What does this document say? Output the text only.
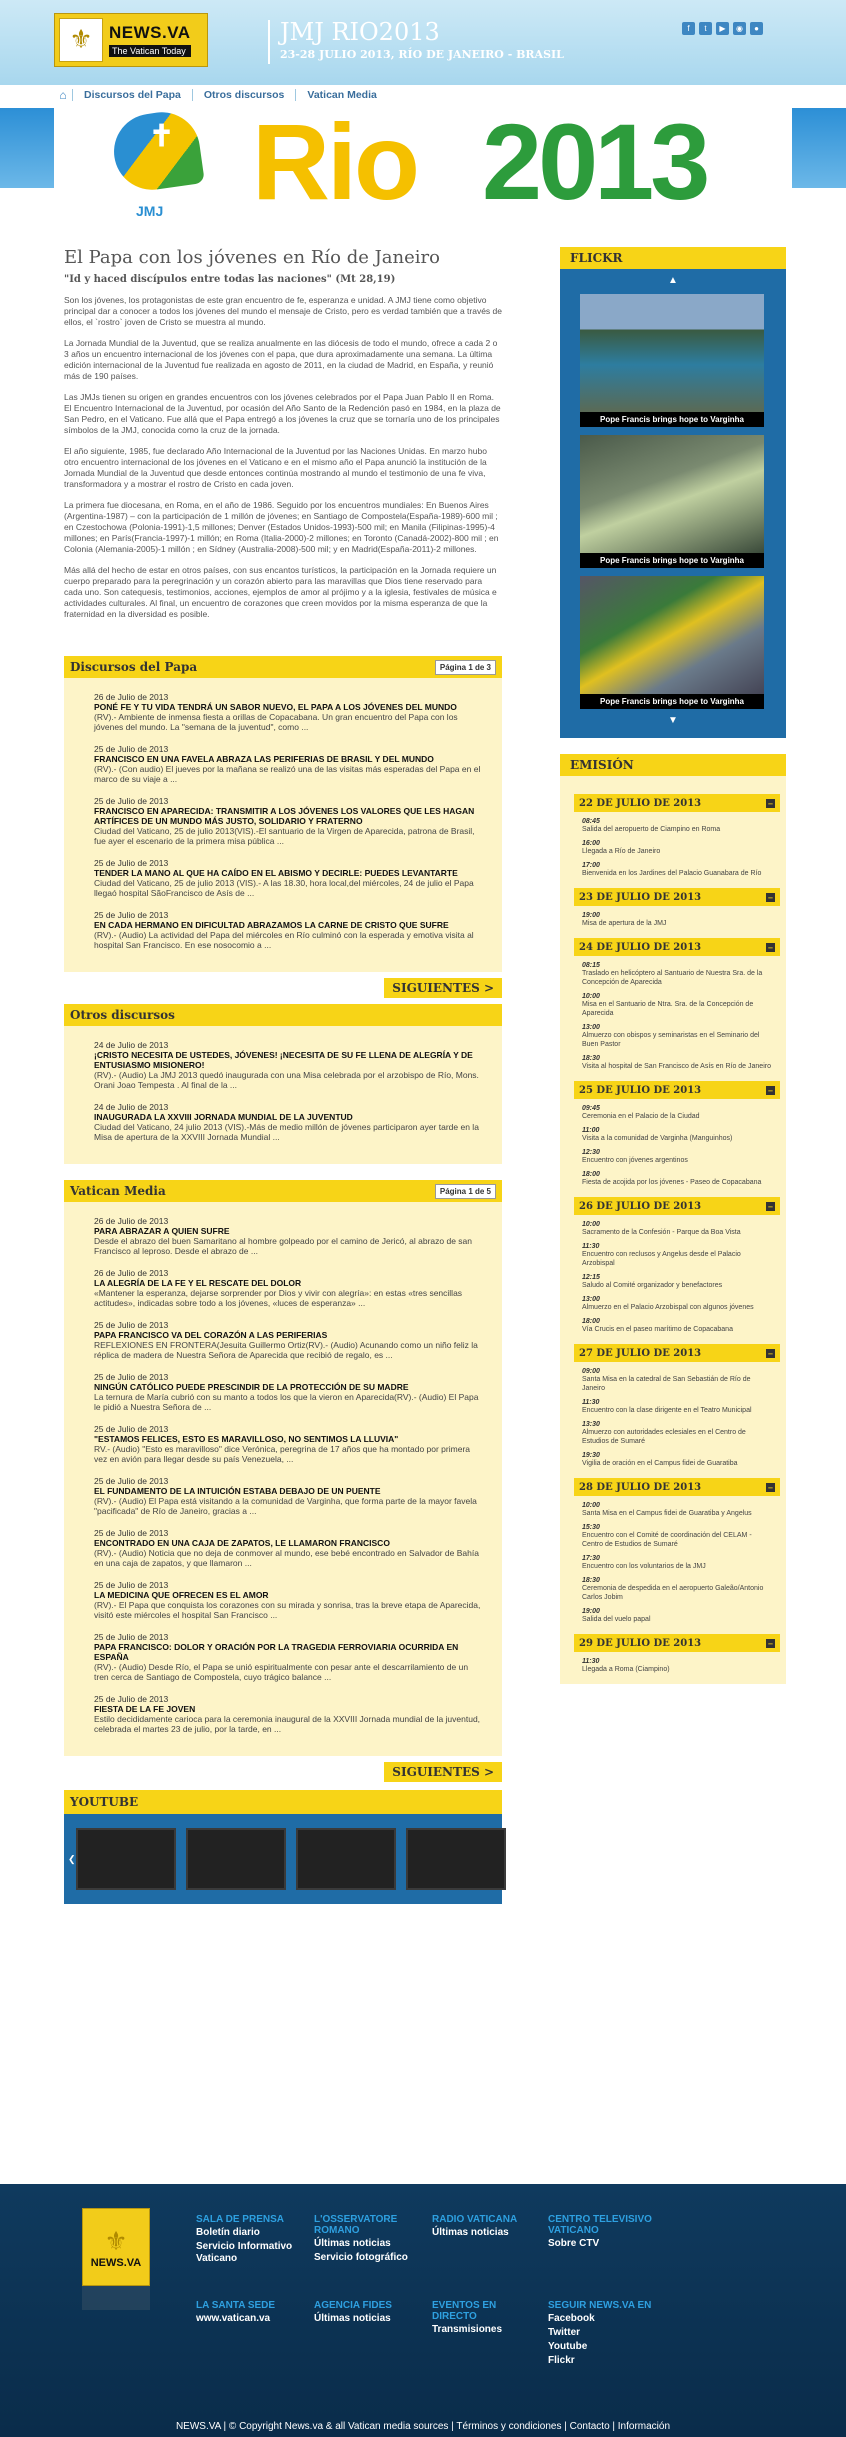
⚜ NEWS.VA
The Vatican Today
JMJ RIO2013
23-28 JULIO 2013, RÍO DE JANEIRO - BRASIL
f	t	▶	◉	●
⌂	Discursos del Papa	Otros discursos	Vatican Media
✝
JMJ Rio 2013
El Papa con los jóvenes en Río de Janeiro
"Id y haced discípulos entre todas las naciones" (Mt 28,19)
Son los jóvenes, los protagonistas de este gran encuentro de fe, esperanza e unidad. A JMJ tiene como objetivo principal dar a conocer a todos los jóvenes del mundo el mensaje de Cristo, pero es verdad también que a través de ellos, el `rostro` joven de Cristo se muestra al mundo.
La Jornada Mundial de la Juventud, que se realiza anualmente en las diócesis de todo el mundo, ofrece a cada 2 o 3 años un encuentro internacional de los jóvenes con el papa, que dura aproximadamente una semana. La última edición internacional de la Juventud fue realizada en agosto de 2011, en la ciudad de Madrid, en España, y reunió más de 190 países.
Las JMJs tienen su origen en grandes encuentros con los jóvenes celebrados por el Papa Juan Pablo II en Roma. El Encuentro Internacional de la Juventud, por ocasión del Año Santo de la Redención pasó en 1984, en la plaza de San Pedro, en el Vaticano. Fue allá que el Papa entregó a los jóvenes la cruz que se tornaría uno de los principales símbolos de la JMJ, conocida como la cruz de la jornada.
El año siguiente, 1985, fue declarado Año Internacional de la Juventud por las Naciones Unidas. En marzo hubo otro encuentro internacional de los jóvenes en el Vaticano e en el mismo año el Papa anunció la institución de la Jornada Mundial de la Juventud que desde entonces continúa mostrando al mundo el testimonio de una fe viva, transformadora y a mostrar el rostro de Cristo en cada joven.
La primera fue diocesana, en Roma, en el año de 1986. Seguido por los encuentros mundiales: En Buenos Aires (Argentina-1987) – con la participación de 1 millón de jóvenes; en Santiago de Compostela(España-1989)-600 mil ; en Czestochowa (Polonia-1991)-1,5 millones; Denver (Estados Unidos-1993)-500 mil; en Manila (Filipinas-1995)-4 millones; en París(Francia-1997)-1 millón; en Roma (Italia-2000)-2 millones; en Toronto (Canadá-2002)-800 mil ; en Colonia (Alemania-2005)-1 millón ; en Sídney (Australia-2008)-500 mil; y en Madrid(España-2011)-2 millones.
Más allá del hecho de estar en otros países, con sus encantos turísticos, la participación en la Jornada requiere un cuerpo preparado para la peregrinación y un corazón abierto para las maravillas que Dios tiene reservado para cada uno. Son catequesis, testimonios, acciones, ejemplos de amor al prójimo y a la iglesia, festivales de música e actividades culturales. Al final, un encuentro de corazones que creen movidos por la misma esperanza de que la fraternidad en la diversidad es posible.
Discursos del Papa	Página 1 de 3
26 de Julio de 2013
PONÉ FE Y TU VIDA TENDRÁ UN SABOR NUEVO, EL PAPA A LOS JÓVENES DEL MUNDO
(RV).- Ambiente de inmensa fiesta a orillas de Copacabana. Un gran encuentro del Papa con los jóvenes del mundo. La "semana de la juventud", como ...
25 de Julio de 2013
FRANCISCO EN UNA FAVELA ABRAZA LAS PERIFERIAS DE BRASIL Y DEL MUNDO
(RV).- (Con audio) El jueves por la mañana se realizó una de las visitas más esperadas del Papa en el marco de su viaje a ...
25 de Julio de 2013
FRANCISCO EN APARECIDA: TRANSMITIR A LOS JÓVENES LOS VALORES QUE LES HAGAN ARTÍFICES DE UN MUNDO MÁS JUSTO, SOLIDARIO Y FRATERNO
Ciudad del Vaticano, 25 de julio 2013(VIS).-El santuario de la Virgen de Aparecida, patrona de Brasil, fue ayer el escenario de la primera misa pública ...
25 de Julio de 2013
TENDER LA MANO AL QUE HA CAÍDO EN EL ABISMO Y DECIRLE: PUEDES LEVANTARTE
Ciudad del Vaticano, 25 de julio 2013 (VIS).- A las 18.30, hora local,del miércoles, 24 de julio el Papa llegaó hospital SãoFrancisco de Asís de ...
25 de Julio de 2013
EN CADA HERMANO EN DIFICULTAD ABRAZAMOS LA CARNE DE CRISTO QUE SUFRE
(RV).- (Audio) La actividad del Papa del miércoles en Río culminó con la esperada y emotiva visita al hospital San Francisco. En ese nosocomio a ...
SIGUIENTES >
Otros discursos
24 de Julio de 2013
¡CRISTO NECESITA DE USTEDES, JÓVENES! ¡NECESITA DE SU FE LLENA DE ALEGRÍA Y DE ENTUSIASMO MISIONERO!
(RV).- (Audio) La JMJ 2013 quedó inaugurada con una Misa celebrada por el arzobispo de Río, Mons. Orani Joao Tempesta . Al final de la ...
24 de Julio de 2013
INAUGURADA LA XXVIII JORNADA MUNDIAL DE LA JUVENTUD
Ciudad del Vaticano, 24 julio 2013 (VIS).-Más de medio millón de jóvenes participaron ayer tarde en la Misa de apertura de la XXVIII Jornada Mundial ...
Vatican Media	Página 1 de 5
26 de Julio de 2013
PARA ABRAZAR A QUIEN SUFRE
Desde el abrazo del buen Samaritano al hombre golpeado por el camino de Jericó, al abrazo de san Francisco al leproso. Desde el abrazo de ...
26 de Julio de 2013
LA ALEGRÍA DE LA FE Y EL RESCATE DEL DOLOR
«Mantener la esperanza, dejarse sorprender por Dios y vivir con alegría»: en estas «tres sencillas actitudes», indicadas sobre todo a los jóvenes, «luces de esperanza» ...
25 de Julio de 2013
PAPA FRANCISCO VA DEL CORAZÓN A LAS PERIFERIAS
REFLEXIONES EN FRONTERA(Jesuita Guillermo Ortiz(RV).- (Audio) Acunando como un niño feliz la réplica de madera de Nuestra Señora de Aparecida que recibió de regalo, es ...
25 de Julio de 2013
NINGÚN CATÓLICO PUEDE PRESCINDIR DE LA PROTECCIÓN DE SU MADRE
La ternura de María cubrió con su manto a todos los que la vieron en Aparecida(RV).- (Audio) El Papa le pidió a Nuestra Señora de ...
25 de Julio de 2013
"ESTAMOS FELICES, ESTO ES MARAVILLOSO, NO SENTIMOS LA LLUVIA"
RV.- (Audio) "Esto es maravilloso" dice Verónica, peregrina de 17 años que ha montado por primera vez en avión para llegar desde su país Venezuela, ...
25 de Julio de 2013
EL FUNDAMENTO DE LA INTUICIÓN ESTABA DEBAJO DE UN PUENTE
(RV).- (Audio) El Papa está visitando a la comunidad de Varginha, que forma parte de la mayor favela "pacificada" de Río de Janeiro, gracias a ...
25 de Julio de 2013
ENCONTRADO EN UNA CAJA DE ZAPATOS, LE LLAMARON FRANCISCO
(RV).- (Audio) Noticia que no deja de conmover al mundo, ese bebé encontrado en Salvador de Bahía en una caja de zapatos, y que llamaron ...
25 de Julio de 2013
LA MEDICINA QUE OFRECEN ES EL AMOR
(RV).- El Papa que conquista los corazones con su mirada y sonrisa, tras la breve etapa de Aparecida, visitó este miércoles el hospital San Francisco ...
25 de Julio de 2013
PAPA FRANCISCO: DOLOR Y ORACIÓN POR LA TRAGEDIA FERROVIARIA OCURRIDA EN ESPAÑA
(RV).- (Audio) Desde Río, el Papa se unió espiritualmente con pesar ante el descarrilamiento de un tren cerca de Santiago de Compostela, cuyo trágico balance ...
25 de Julio de 2013
FIESTA DE LA FE JOVEN
Estilo decididamente carioca para la ceremonia inaugural de la XXVIII Jornada mundial de la juventud, celebrada el martes 23 de julio, por la tarde, en ...
SIGUIENTES >
YOUTUBE
❮	❯
FLICKR
▲
Pope Francis brings hope to Varginha
Pope Francis brings hope to Varginha
Pope Francis brings hope to Varginha
▼
EMISIÓN
22 DE JULIO DE 2013	−
08:45
Salida del aeropuerto de Ciampino en Roma
16:00
Llegada a Río de Janeiro
17:00
Bienvenida en los Jardines del Palacio Guanabara de Río
23 DE JULIO DE 2013	−
19:00
Misa de apertura de la JMJ
24 DE JULIO DE 2013	−
08:15
Traslado en helicóptero al Santuario de Nuestra Sra. de la Concepción de Aparecida
10:00
Misa en el Santuario de Ntra. Sra. de la Concepción de Aparecida
13:00
Almuerzo con obispos y seminaristas en el Seminario del Buen Pastor
18:30
Visita al hospital de San Francisco de Asís en Río de Janeiro
25 DE JULIO DE 2013	−
09:45
Ceremonia en el Palacio de la Ciudad
11:00
Visita a la comunidad de Varginha (Manguinhos)
12:30
Encuentro con jóvenes argentinos
18:00
Fiesta de acojida por los jóvenes - Paseo de Copacabana
26 DE JULIO DE 2013	−
10:00
Sacramento de la Confesión - Parque da Boa Vista
11:30
Encuentro con reclusos y Angelus desde el Palacio Arzobispal
12:15
Saludo al Comité organizador y benefactores
13:00
Almuerzo en el Palacio Arzobispal con algunos jóvenes
18:00
Vía Crucis en el paseo marítimo de Copacabana
27 DE JULIO DE 2013	−
09:00
Santa Misa en la catedral de San Sebastián de Río de Janeiro
11:30
Encuentro con la clase dirigente en el Teatro Municipal
13:30
Almuerzo con autoridades eclesiales en el Centro de Estudios de Sumaré
19:30
Vigilia de oración en el Campus fidei de Guaratiba
28 DE JULIO DE 2013	−
10:00
Santa Misa en el Campus fidei de Guaratiba y Angelus
15:30
Encuentro con el Comité de coordinación del CELAM - Centro de Estudios de Sumaré
17:30
Encuentro con los voluntarios de la JMJ
18:30
Ceremonia de despedida en el aeropuerto Galeão/Antonio Carlos Jobim
19:00
Salida del vuelo papal
29 DE JULIO DE 2013	−
11:30
Llegada a Roma (Ciampino)
⚜
NEWS.VA
SALA DE PRENSA
Boletín diario
Servicio Informativo Vaticano
L'OSSERVATORE ROMANO
Últimas noticias
Servicio fotográfico
RADIO VATICANA
Últimas noticias
CENTRO TELEVISIVO VATICANO
Sobre CTV
LA SANTA SEDE
www.vatican.va
AGENCIA FIDES
Últimas noticias
EVENTOS EN DIRECTO
Transmisiones
SEGUIR NEWS.VA EN
Facebook
Twitter
Youtube
Flickr
NEWS.VA | © Copyright News.va & all Vatican media sources | Términos y condiciones | Contacto | Información
